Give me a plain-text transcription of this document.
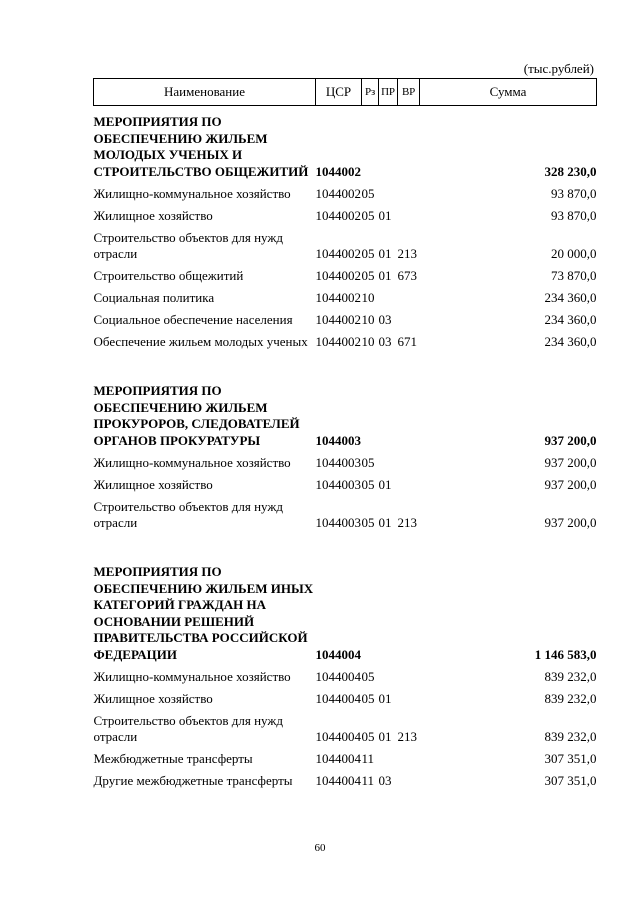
(тыс.рублей)
Наименование	ЦСР	Рз	ПР	ВР	Сумма
МЕРОПРИЯТИЯ ПО ОБЕСПЕЧЕНИЮ ЖИЛЬЕМ МОЛОДЫХ УЧЕНЫХ И СТРОИТЕЛЬСТВО ОБЩЕЖИТИЙ	1044002				328 230,0
Жилищно-коммунальное хозяйство	1044002	05			93 870,0
Жилищное хозяйство	1044002	05	01		93 870,0
Строительство объектов для нужд отрасли	1044002	05	01	213	20 000,0
Строительство общежитий	1044002	05	01	673	73 870,0
Социальная политика	1044002	10			234 360,0
Социальное обеспечение населения	1044002	10	03		234 360,0
Обеспечение жильем молодых ученых	1044002	10	03	671	234 360,0

МЕРОПРИЯТИЯ ПО ОБЕСПЕЧЕНИЮ ЖИЛЬЕМ ПРОКУРОРОВ, СЛЕДОВАТЕЛЕЙ ОРГАНОВ ПРОКУРАТУРЫ	1044003				937 200,0
Жилищно-коммунальное хозяйство	1044003	05			937 200,0
Жилищное хозяйство	1044003	05	01		937 200,0
Строительство объектов для нужд отрасли	1044003	05	01	213	937 200,0

МЕРОПРИЯТИЯ ПО ОБЕСПЕЧЕНИЮ ЖИЛЬЕМ ИНЫХ КАТЕГОРИЙ ГРАЖДАН НА ОСНОВАНИИ РЕШЕНИЙ ПРАВИТЕЛЬСТВА РОССИЙСКОЙ ФЕДЕРАЦИИ	1044004				1 146 583,0
Жилищно-коммунальное хозяйство	1044004	05			839 232,0
Жилищное хозяйство	1044004	05	01		839 232,0
Строительство объектов для нужд отрасли	1044004	05	01	213	839 232,0
Межбюджетные трансферты	1044004	11			307 351,0
Другие межбюджетные трансферты	1044004	11	03		307 351,0
60
